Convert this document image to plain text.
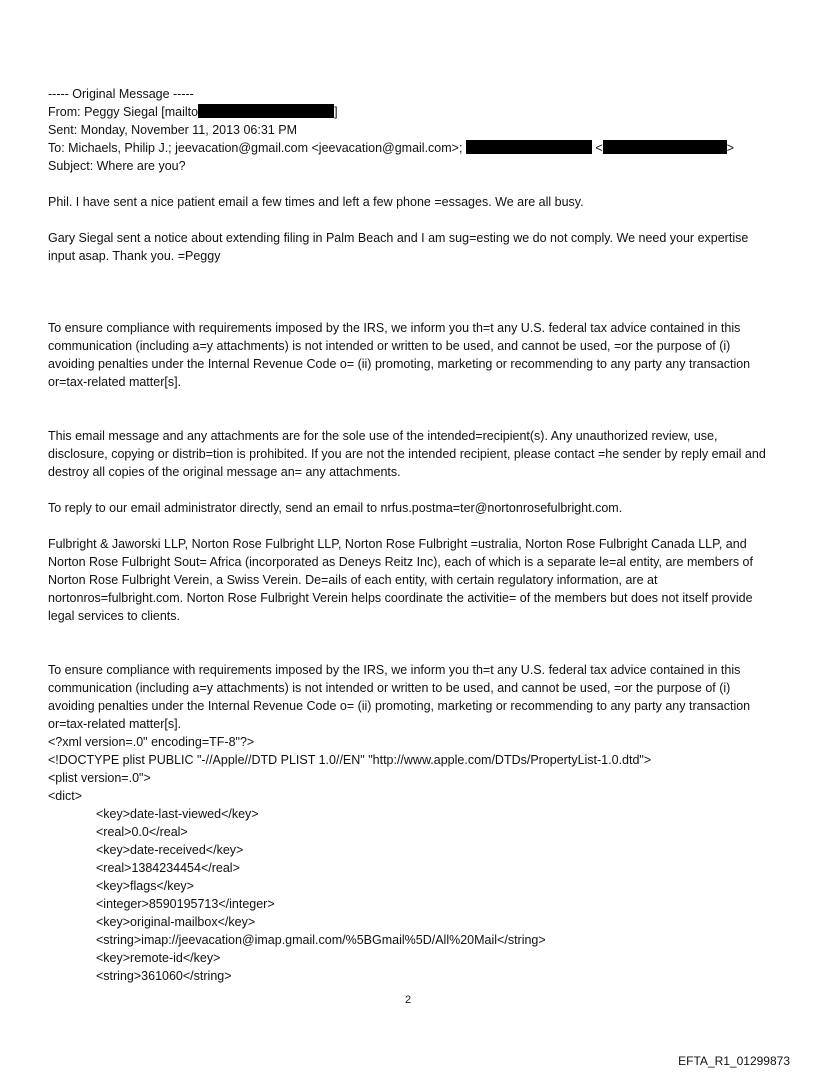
----- Original Message -----
From: Peggy Siegal [mailto	]
Sent: Monday, November 11, 2013 06:31 PM
To: Michaels, Philip J.; jeevacation@gmail.com <jeevacation@gmail.com>;	<	>
Subject: Where are you?

Phil. I have sent a nice patient email a few times and left a few phone =essages. We are all busy.

Gary Siegal sent a notice about extending filing in Palm Beach and I am sug=esting we do not comply. We need your expertise input asap. Thank you. =Peggy

To ensure compliance with requirements imposed by the IRS, we inform you th=t any U.S. federal tax advice contained in this communication (including a=y attachments) is not intended or written to be used, and cannot be used, =or the purpose of (i) avoiding penalties under the Internal Revenue Code o= (ii) promoting, marketing or recommending to any party any transaction or=tax-related matter[s].

This email message and any attachments are for the sole use of the intended=recipient(s). Any unauthorized review, use, disclosure, copying or distrib=tion is prohibited. If you are not the intended recipient, please contact =he sender by reply email and destroy all copies of the original message an= any attachments.

To reply to our email administrator directly, send an email to nrfus.postma=ter@nortonrosefulbright.com.

Fulbright & Jaworski LLP, Norton Rose Fulbright LLP, Norton Rose Fulbright =ustralia, Norton Rose Fulbright Canada LLP, and Norton Rose Fulbright Sout= Africa (incorporated as Deneys Reitz Inc), each of which is a separate le=al entity, are members of Norton Rose Fulbright Verein, a Swiss Verein. De=ails of each entity, with certain regulatory information, are at nortonros=fulbright.com. Norton Rose Fulbright Verein helps coordinate the activitie= of the members but does not itself provide legal services to clients.

To ensure compliance with requirements imposed by the IRS, we inform you th=t any U.S. federal tax advice contained in this communication (including a=y attachments) is not intended or written to be used, and cannot be used, =or the purpose of (i) avoiding penalties under the Internal Revenue Code o= (ii) promoting, marketing or recommending to any party any transaction or=tax-related matter[s].

<?xml version=.0" encoding=TF-8"?>
<!DOCTYPE plist PUBLIC "-//Apple//DTD PLIST 1.0//EN" "http://www.apple.com/DTDs/PropertyList-1.0.dtd">
<plist version=.0">
<dict>
<key>date-last-viewed</key>
<real>0.0</real>
<key>date-received</key>
<real>1384234454</real>
<key>flags</key>
<integer>8590195713</integer>
<key>original-mailbox</key>
<string>imap://jeevacation@imap.gmail.com/%5BGmail%5D/All%20Mail</string>
<key>remote-id</key>
<string>361060</string>
2
EFTA_R1_01299873
